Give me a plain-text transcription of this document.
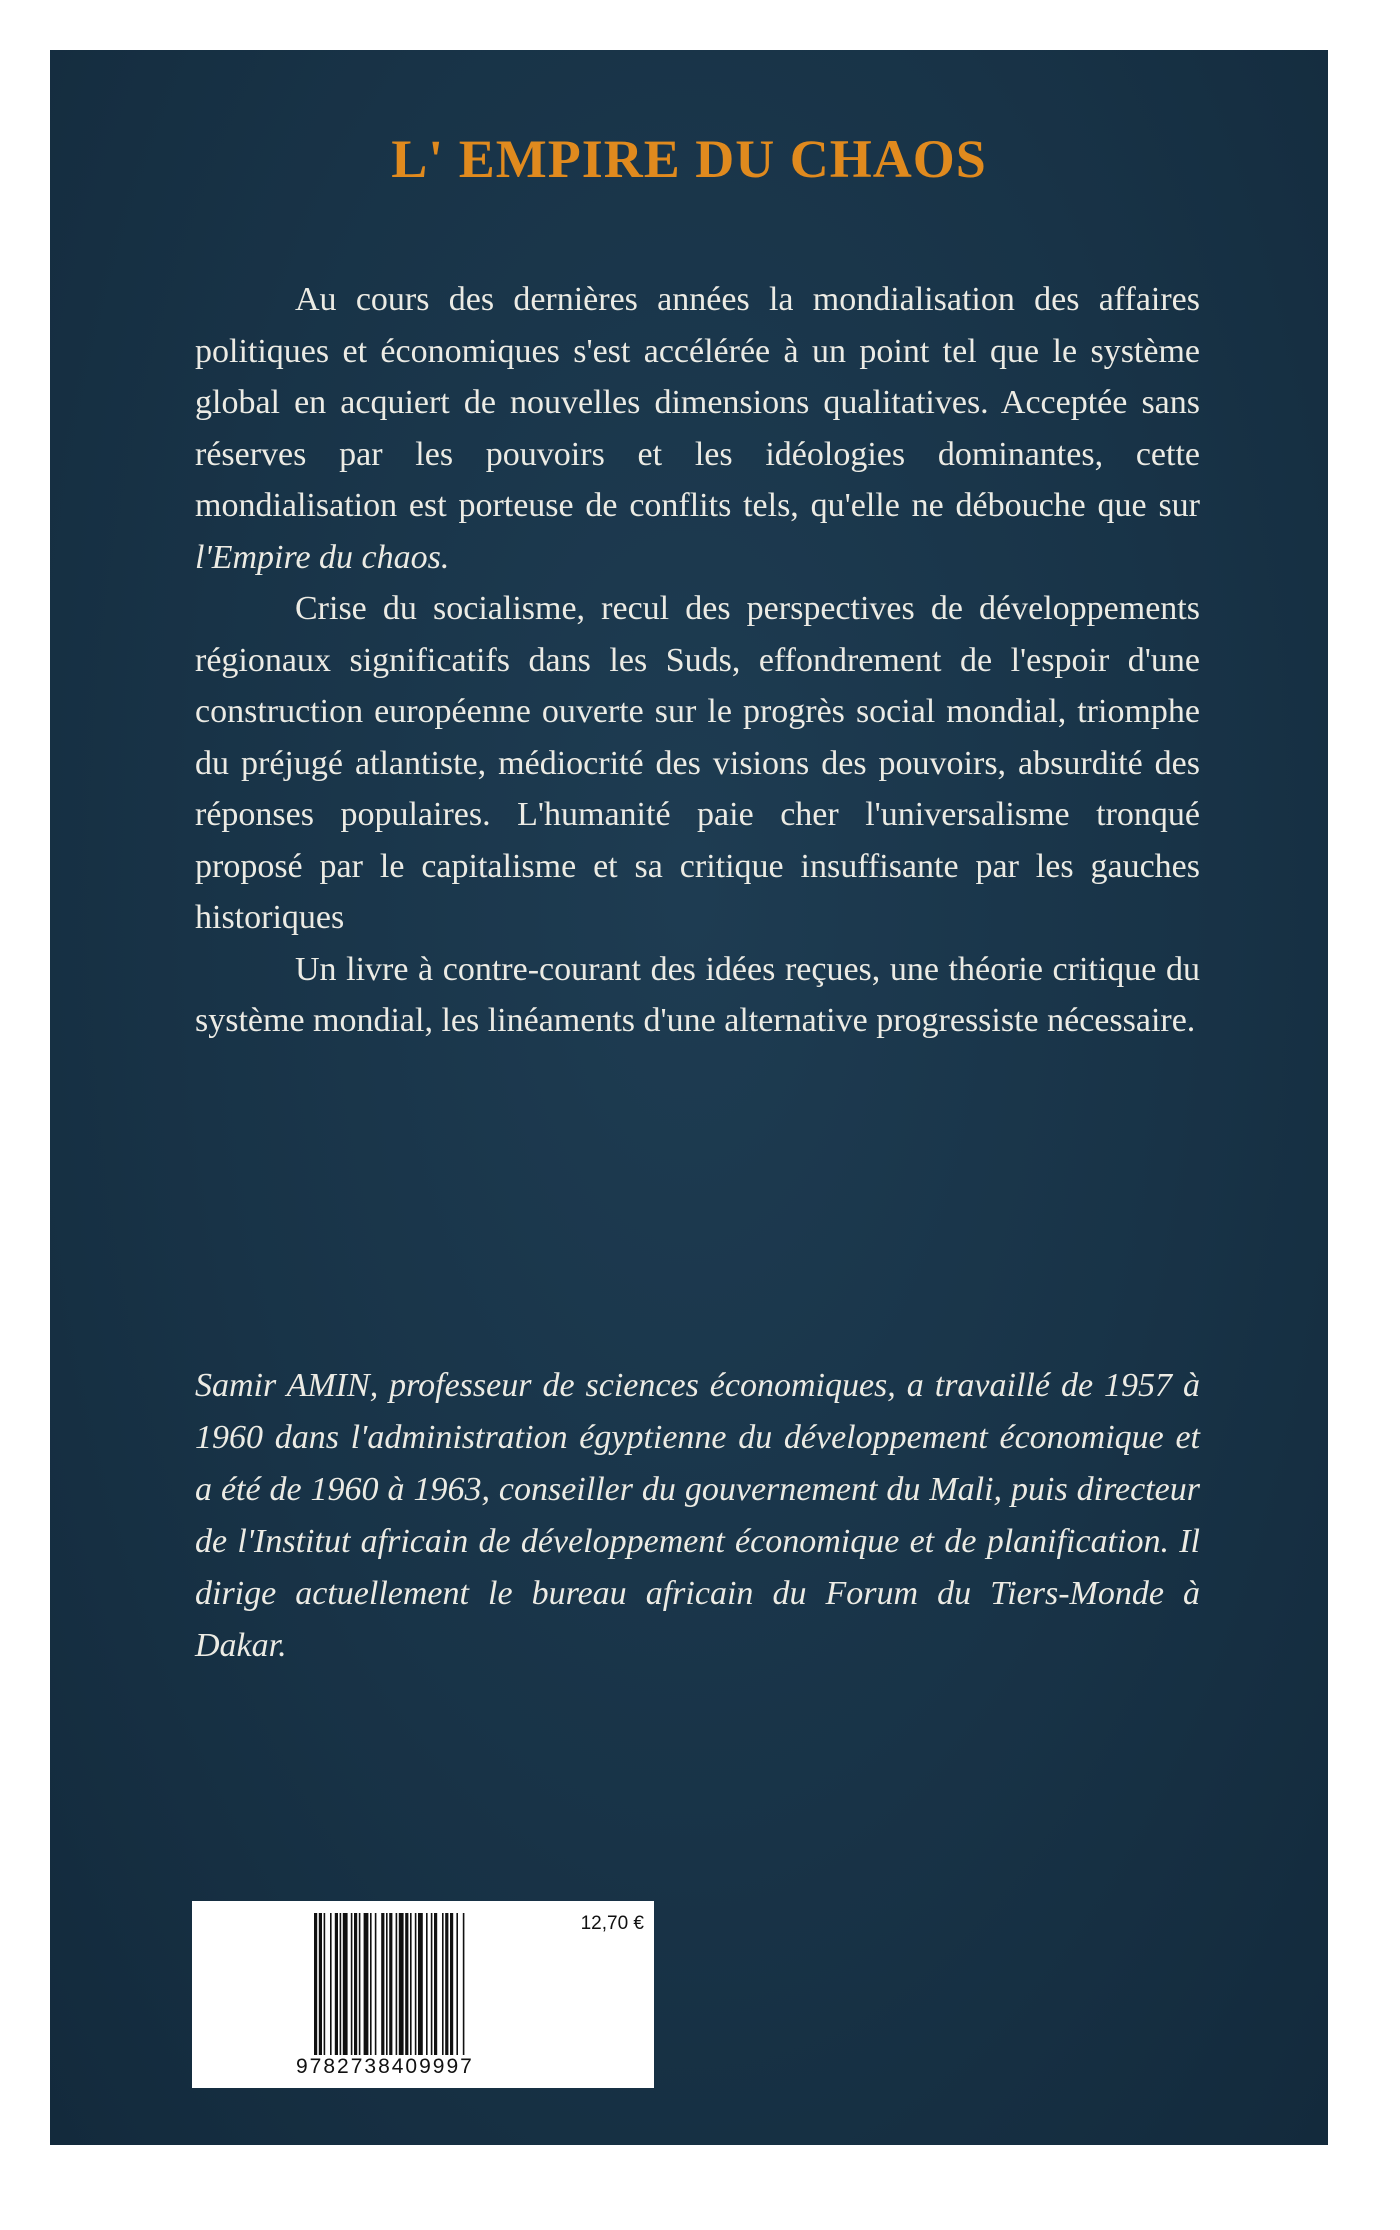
L' EMPIRE DU CHAOS

Au cours des dernières années la mondialisation des affaires politiques et économiques s'est accélérée à un point tel que le système global en acquiert de nouvelles dimensions qualitatives. Acceptée sans réserves par les pouvoirs et les idéologies dominantes, cette mondialisation est porteuse de conflits tels, qu'elle ne débouche que sur l'Empire du chaos.

Crise du socialisme, recul des perspectives de développements régionaux significatifs dans les Suds, effondrement de l'espoir d'une construction européenne ouverte sur le progrès social mondial, triomphe du préjugé atlantiste, médiocrité des visions des pouvoirs, absurdité des réponses populaires. L'humanité paie cher l'universalisme tronqué proposé par le capitalisme et sa critique insuffisante par les gauches historiques

Un livre à contre-courant des idées reçues, une théorie critique du système mondial, les linéaments d'une alternative progressiste nécessaire.

Samir AMIN, professeur de sciences économiques, a travaillé de 1957 à 1960 dans l'administration égyptienne du développement économique et a été de 1960 à 1963, conseiller du gouvernement du Mali, puis directeur de l'Institut africain de développement économique et de planification. Il dirige actuellement le bureau africain du Forum du Tiers-Monde à Dakar.

9782738409997
12,70 €
